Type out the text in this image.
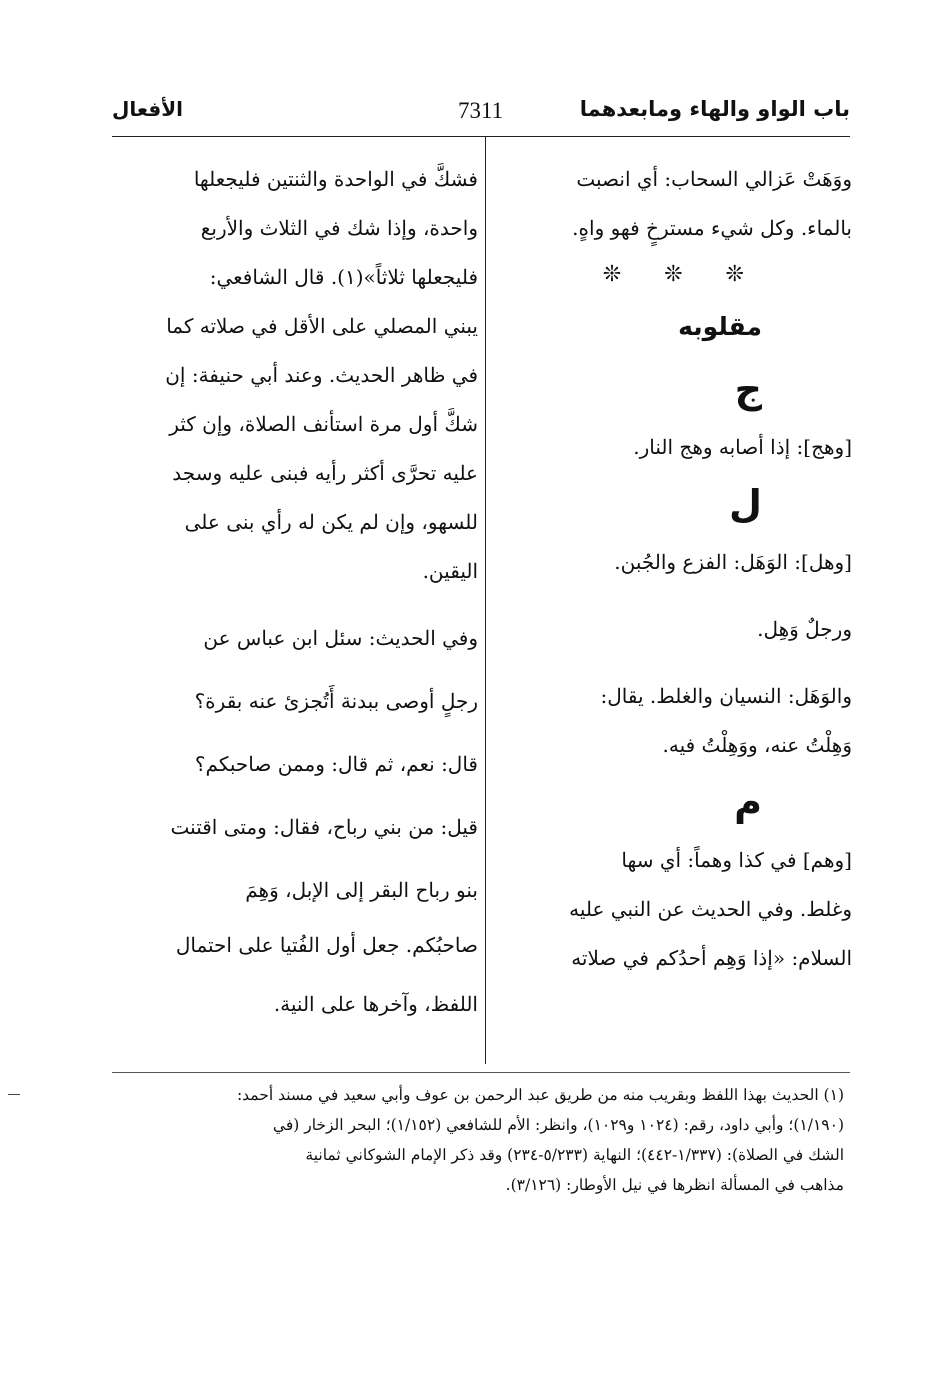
باب الواو والهاء ومابعدهما
7311
الأفعال
ووَهَتْ عَزالي السحاب: أي انصبت
بالماء. وكل شيء مسترخٍ فهو واهٍ.
❊ ❊ ❊
مقلوبه
ج
[وهج]: إذا أصابه وهج النار.
ل
[وهل]: الوَهَل: الفزع والجُبن.
ورجلٌ وَهِل.
والوَهَل: النسيان والغلط. يقال:
وَهِلْتُ عنه، ووَهِلْتُ فيه.
م
[وهم] في كذا وهماً: أي سها
وغلط. وفي الحديث عن النبي عليه
السلام: «إذا وَهِم أحدُكم في صلاته
فشكَّ في الواحدة والثنتين فليجعلها
واحدة، وإذا شك في الثلاث والأربع
فليجعلها ثلاثاً»(١). قال الشافعي:
يبني المصلي على الأقل في صلاته كما
في ظاهر الحديث. وعند أبي حنيفة: إن
شكَّ أول مرة استأنف الصلاة، وإن كثر
عليه تحرَّى أكثر رأيه فبنى عليه وسجد
للسهو، وإن لم يكن له رأي بنى على
اليقين.
وفي الحديث: سئل ابن عباس عن
رجلٍ أوصى ببدنة أَتُجزئ عنه بقرة؟
قال: نعم، ثم قال: وممن صاحبكم؟
قيل: من بني رباح، فقال: ومتى اقتنت
بنو رباح البقر إلى الإبل، وَهِمَ
صاحبُكم. جعل أول الفُتيا على احتمال
اللفظ، وآخرها على النية.
(١) الحديث بهذا اللفظ وبقريب منه من طريق عبد الرحمن بن عوف وأبي سعيد في مسند أحمد:
(١/١٩٠)؛ وأبي داود، رقم: (١٠٢٤ و١٠٢٩)، وانظر: الأم للشافعي (١/١٥٢)؛ البحر الزخار (في
الشك في الصلاة): (١/٣٣٧-٤٤٢)؛ النهاية (٥/٢٣٣-٢٣٤) وقد ذكر الإمام الشوكاني ثمانية
مذاهب في المسألة انظرها في نيل الأوطار: (٣/١٢٦).
